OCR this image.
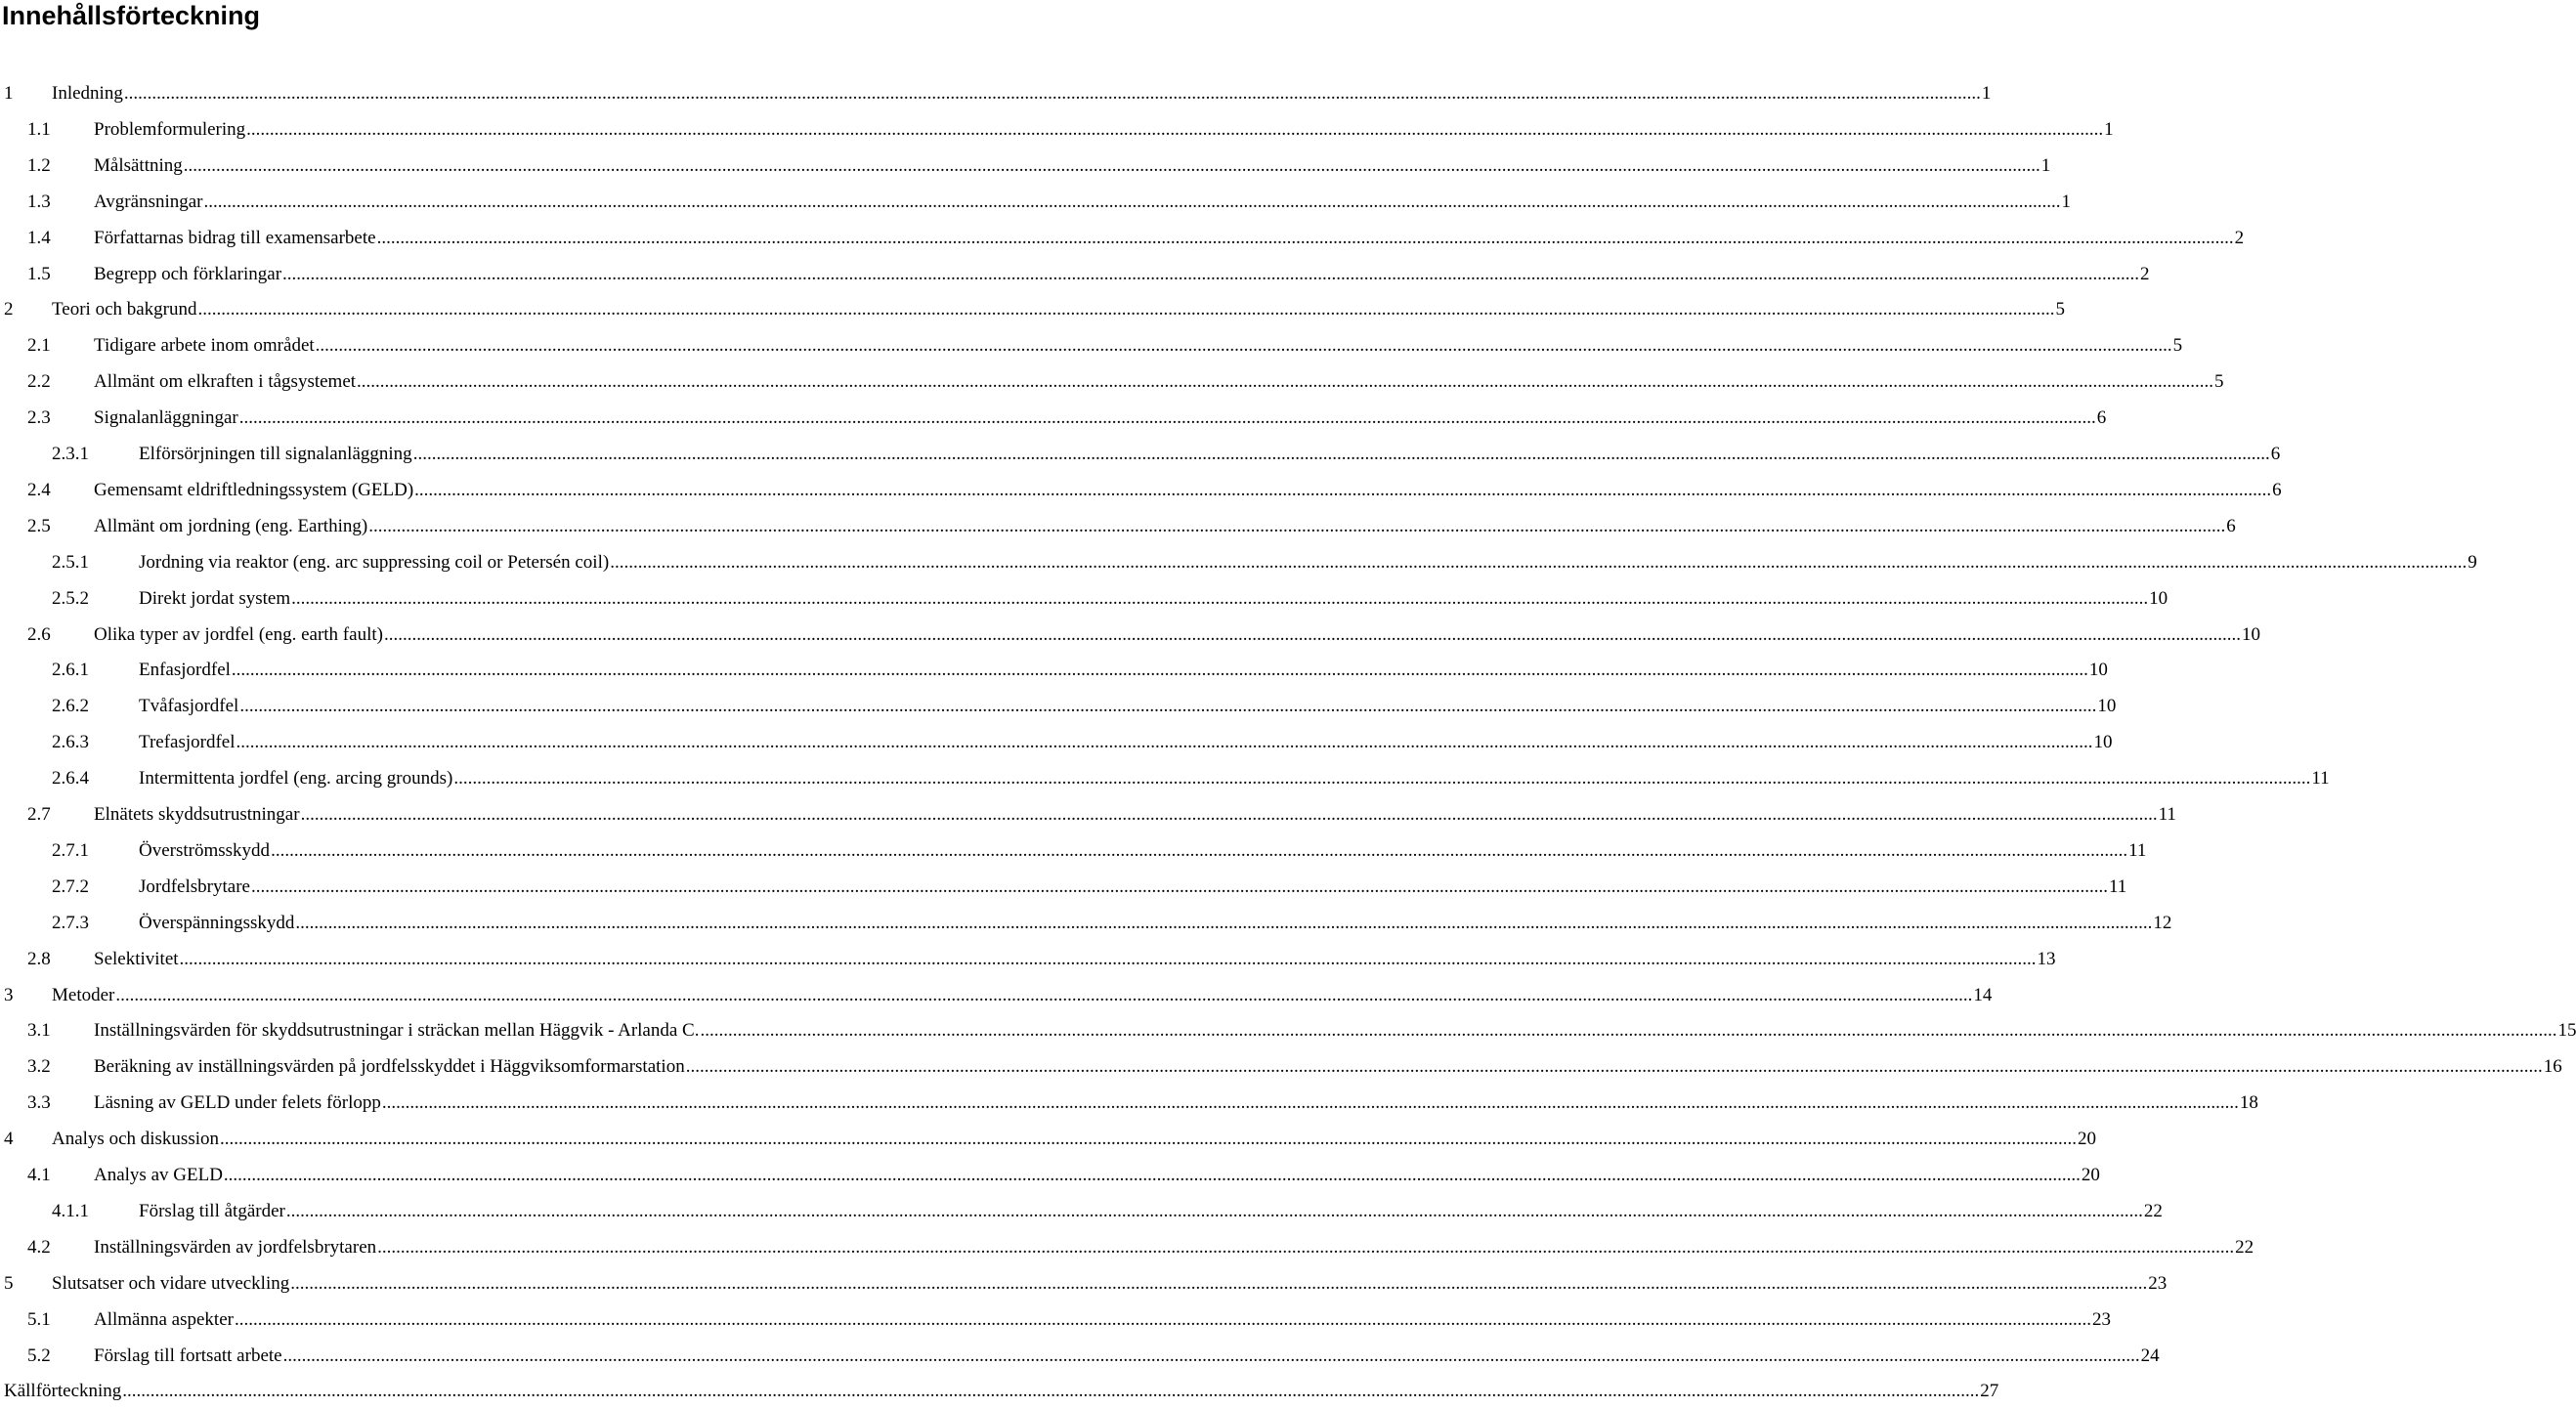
Innehållsförteckning
1 Inledning ................................................................................................................................................................................................................................................................................................................................................................................................................ 1
1.1 Problemformulering ................................................................................................................................................................................................................................................................................................................................................................................................................ 1
1.2 Målsättning ................................................................................................................................................................................................................................................................................................................................................................................................................ 1
1.3 Avgränsningar ................................................................................................................................................................................................................................................................................................................................................................................................................ 1
1.4 Författarnas bidrag till examensarbete ................................................................................................................................................................................................................................................................................................................................................................................................................ 2
1.5 Begrepp och förklaringar ................................................................................................................................................................................................................................................................................................................................................................................................................ 2
2 Teori och bakgrund ................................................................................................................................................................................................................................................................................................................................................................................................................ 5
2.1 Tidigare arbete inom området ................................................................................................................................................................................................................................................................................................................................................................................................................ 5
2.2 Allmänt om elkraften i tågsystemet ................................................................................................................................................................................................................................................................................................................................................................................................................ 5
2.3 Signalanläggningar ................................................................................................................................................................................................................................................................................................................................................................................................................ 6
2.3.1	Elförsörjningen till signalanläggning ................................................................................................................................................................................................................................................................................................................................................................................................................ 6
2.4 Gemensamt eldriftledningssystem (GELD) ................................................................................................................................................................................................................................................................................................................................................................................................................ 6
2.5 Allmänt om jordning (eng. Earthing) ................................................................................................................................................................................................................................................................................................................................................................................................................ 6
2.5.1	Jordning via reaktor (eng. arc suppressing coil or Petersén coil) ................................................................................................................................................................................................................................................................................................................................................................................................................ 9
2.5.2	Direkt jordat system ................................................................................................................................................................................................................................................................................................................................................................................................................ 10
2.6 Olika typer av jordfel (eng. earth fault) ................................................................................................................................................................................................................................................................................................................................................................................................................ 10
2.6.1	Enfasjordfel ................................................................................................................................................................................................................................................................................................................................................................................................................ 10
2.6.2	Tvåfasjordfel ................................................................................................................................................................................................................................................................................................................................................................................................................ 10
2.6.3	Trefasjordfel ................................................................................................................................................................................................................................................................................................................................................................................................................ 10
2.6.4	Intermittenta jordfel (eng. arcing grounds) ................................................................................................................................................................................................................................................................................................................................................................................................................ 11
2.7 Elnätets skyddsutrustningar ................................................................................................................................................................................................................................................................................................................................................................................................................ 11
2.7.1	Överströmsskydd ................................................................................................................................................................................................................................................................................................................................................................................................................ 11
2.7.2	Jordfelsbrytare ................................................................................................................................................................................................................................................................................................................................................................................................................ 11
2.7.3	Överspänningsskydd ................................................................................................................................................................................................................................................................................................................................................................................................................ 12
2.8 Selektivitet ................................................................................................................................................................................................................................................................................................................................................................................................................ 13
3 Metoder ................................................................................................................................................................................................................................................................................................................................................................................................................ 14
3.1 Inställningsvärden för skyddsutrustningar i sträckan mellan Häggvik - Arlanda C. ................................................................................................................................................................................................................................................................................................................................................................................................................ 15
3.2 Beräkning av inställningsvärden på jordfelsskyddet i Häggviksomformarstation ................................................................................................................................................................................................................................................................................................................................................................................................................ 16
3.3 Läsning av GELD under felets förlopp ................................................................................................................................................................................................................................................................................................................................................................................................................ 18
4 Analys och diskussion ................................................................................................................................................................................................................................................................................................................................................................................................................ 20
4.1 Analys av GELD ................................................................................................................................................................................................................................................................................................................................................................................................................ 20
4.1.1	Förslag till åtgärder ................................................................................................................................................................................................................................................................................................................................................................................................................ 22
4.2 Inställningsvärden av jordfelsbrytaren ................................................................................................................................................................................................................................................................................................................................................................................................................ 22
5 Slutsatser och vidare utveckling ................................................................................................................................................................................................................................................................................................................................................................................................................ 23
5.1 Allmänna aspekter ................................................................................................................................................................................................................................................................................................................................................................................................................ 23
5.2 Förslag till fortsatt arbete ................................................................................................................................................................................................................................................................................................................................................................................................................ 24
Källförteckning ................................................................................................................................................................................................................................................................................................................................................................................................................ 27
